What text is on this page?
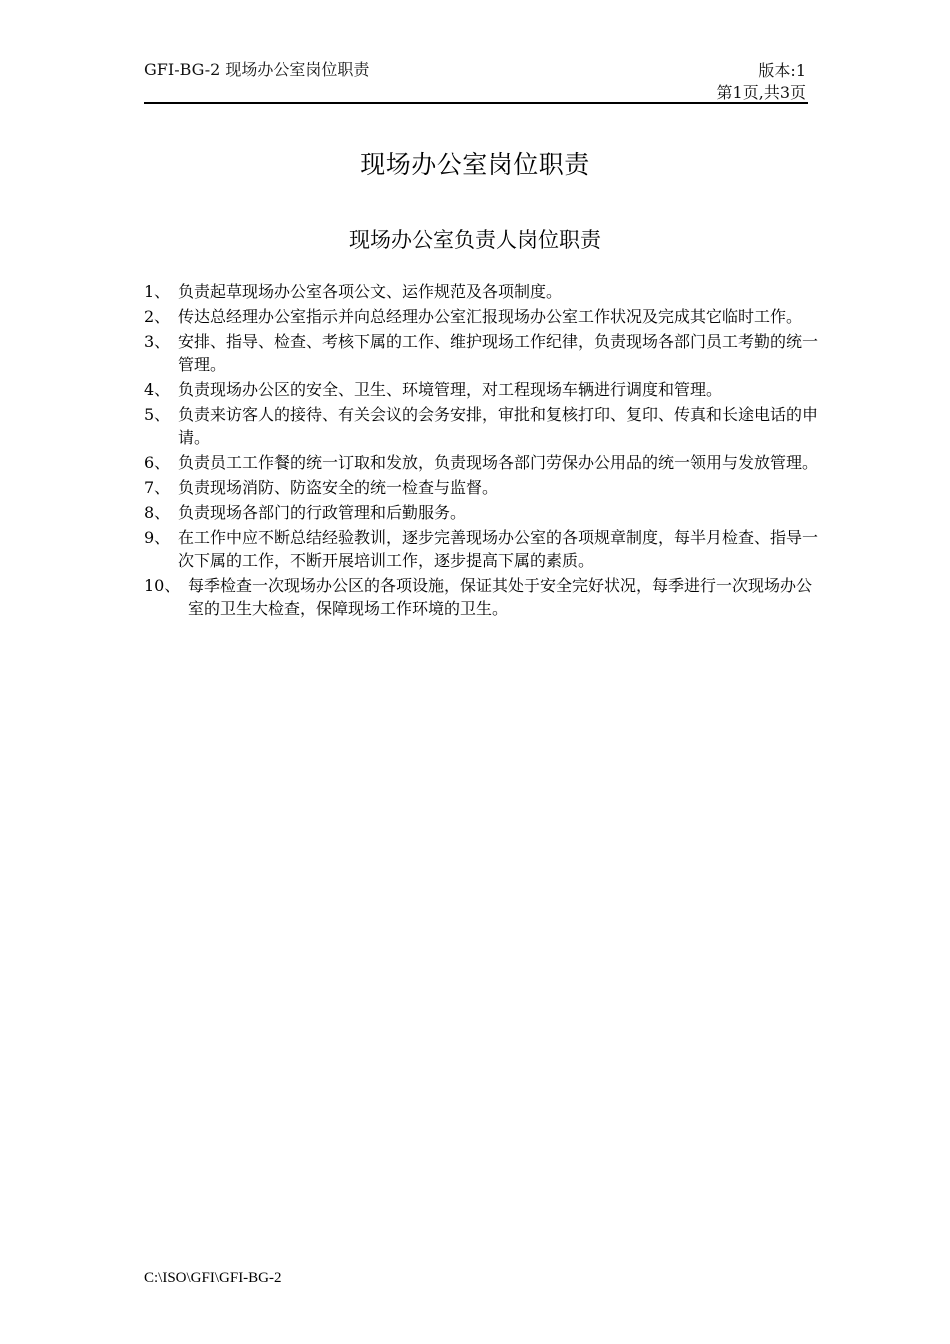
GFI-BG-2 现场办公室岗位职责	版本:1
第1页,共3页
现场办公室岗位职责
现场办公室负责人岗位职责
1、 负责起草现场办公室各项公文、运作规范及各项制度。
2、 传达总经理办公室指示并向总经理办公室汇报现场办公室工作状况及完成其它临时工作。
3、 安排、指导、检查、考核下属的工作、维护现场工作纪律，负责现场各部门员工考勤的统一管理。
4、 负责现场办公区的安全、卫生、环境管理，对工程现场车辆进行调度和管理。
5、 负责来访客人的接待、有关会议的会务安排，审批和复核打印、复印、传真和长途电话的申请。
6、 负责员工工作餐的统一订取和发放，负责现场各部门劳保办公用品的统一领用与发放管理。
7、 负责现场消防、防盗安全的统一检查与监督。
8、 负责现场各部门的行政管理和后勤服务。
9、 在工作中应不断总结经验教训，逐步完善现场办公室的各项规章制度，每半月检查、指导一次下属的工作，不断开展培训工作，逐步提高下属的素质。
10、 每季检查一次现场办公区的各项设施，保证其处于安全完好状况，每季进行一次现场办公室的卫生大检查，保障现场工作环境的卫生。
C:\ISO\GFI\GFI-BG-2
